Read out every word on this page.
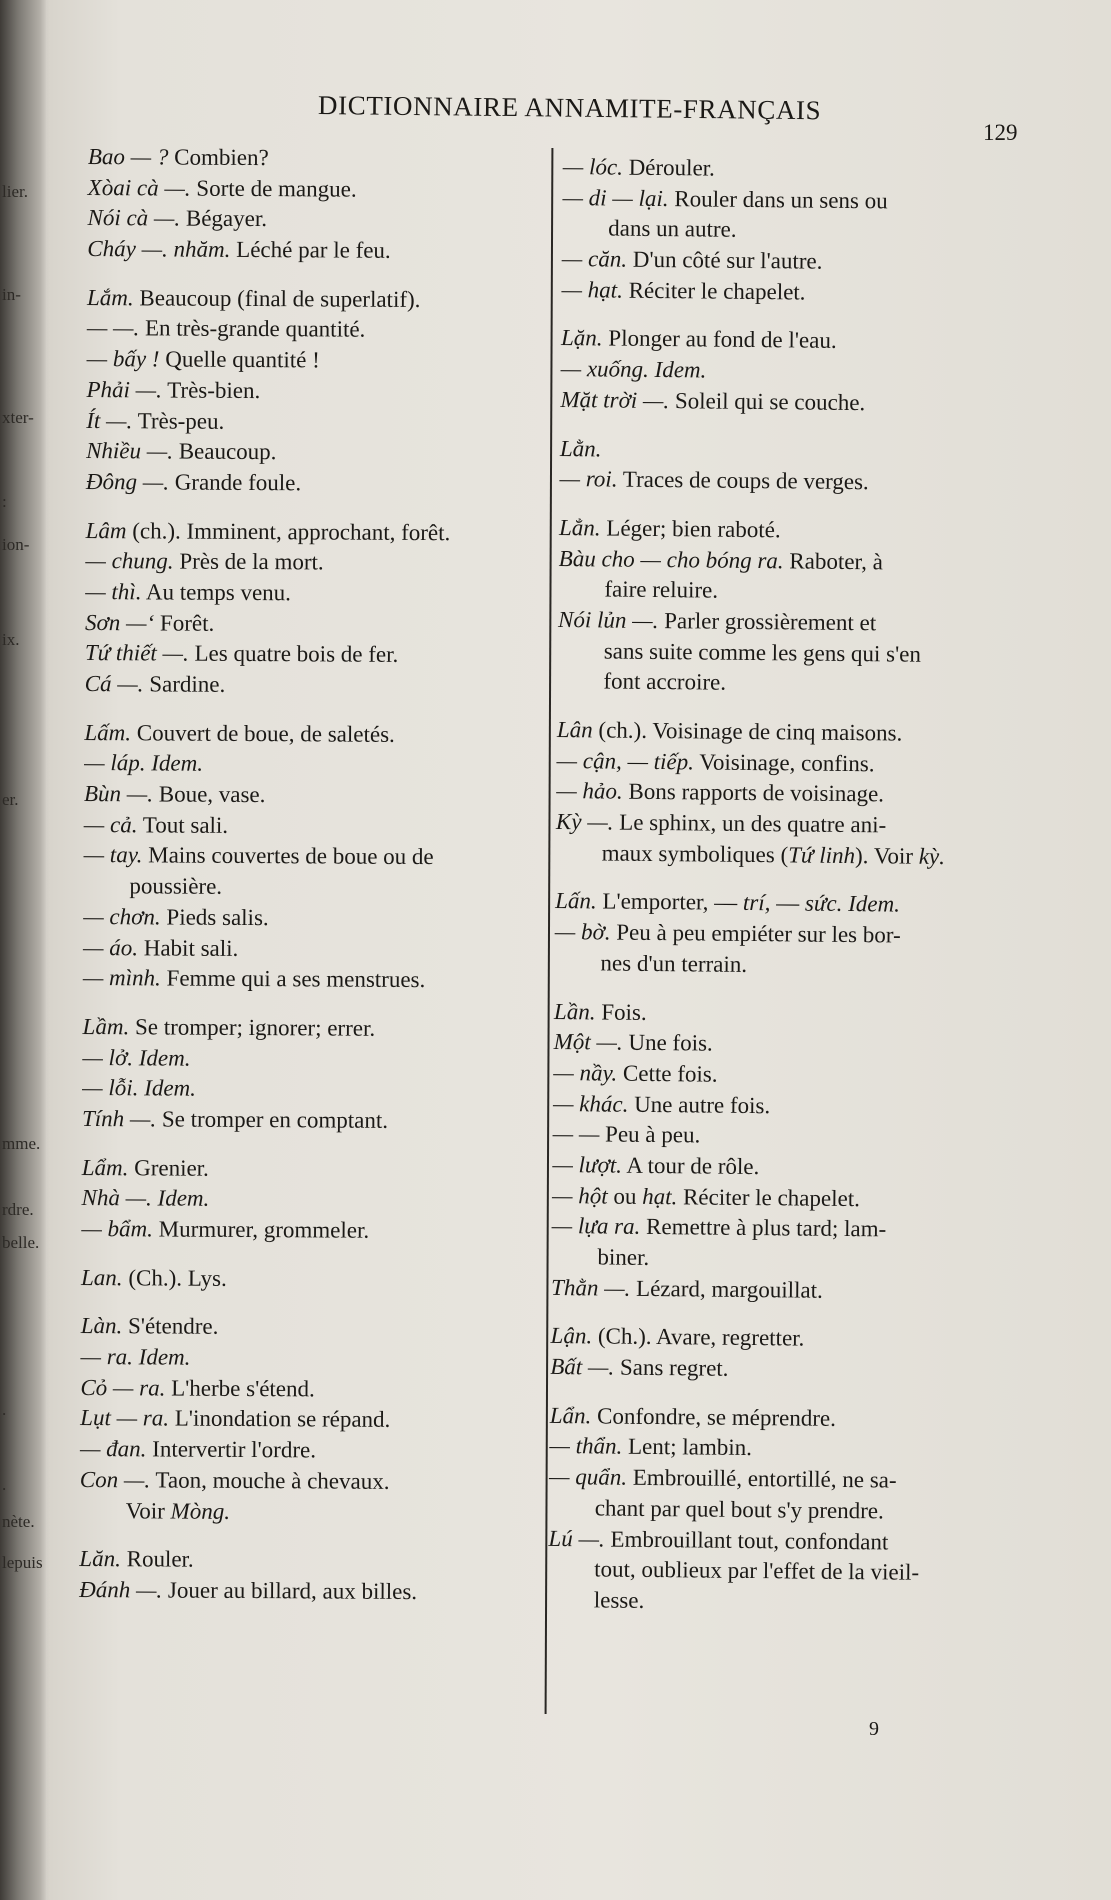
lier.
in-
xter-
:
ion-
ix.
er.
mme.
rdre.
belle.
.
.
nète.
lepuis
DICTIONNAIRE ANNAMITE-FRANÇAIS
129
Bao — ? Combien?
Xòai cà —. Sorte de mangue.
Nói cà —. Bégayer.
Cháy —. nhăm. Léché par le feu.
Lắm. Beaucoup (final de superlatif).
— —. En très-grande quantité.
— bấy ! Quelle quantité !
Phải —. Très-bien.
Ít —. Très-peu.
Nhiều —. Beaucoup.
Đông —. Grande foule.
Lâm (ch.). Imminent, approchant, forêt.
— chung. Près de la mort.
— thì. Au temps venu.
Sơn —‘ Forêt.
Tứ thiết —. Les quatre bois de fer.
Cá —. Sardine.
Lấm. Couvert de boue, de saletés.
— láp. Idem.
Bùn —. Boue, vase.
— cả. Tout sali.
— tay. Mains couvertes de boue ou de
  poussière.
— chơn. Pieds salis.
— áo. Habit sali.
— mình. Femme qui a ses menstrues.
Lầm. Se tromper; ignorer; errer.
— lở. Idem.
— lỗi. Idem.
Tính —. Se tromper en comptant.
Lẩm. Grenier.
Nhà —. Idem.
— bẩm. Murmurer, grommeler.
Lan. (Ch.). Lys.
Làn. S'étendre.
— ra. Idem.
Cỏ — ra. L'herbe s'étend.
Lụt — ra. L'inondation se répand.
— đan. Intervertir l'ordre.
Con —. Taon, mouche à chevaux.
  Voir Mòng.
Lăn. Rouler.
Đánh —. Jouer au billard, aux billes.
— lóc. Dérouler.
— di — lại. Rouler dans un sens ou
  dans un autre.
— căn. D'un côté sur l'autre.
— hạt. Réciter le chapelet.
Lặn. Plonger au fond de l'eau.
— xuống. Idem.
Mặt trời —. Soleil qui se couche.
Lằn.
— roi. Traces de coups de verges.
Lẳn. Léger; bien raboté.
Bàu cho — cho bóng ra. Raboter, à
  faire reluire.
Nói lủn —. Parler grossièrement et
  sans suite comme les gens qui s'en
  font accroire.
Lân (ch.). Voisinage de cinq maisons.
— cận, — tiếp. Voisinage, confins.
— hảo. Bons rapports de voisinage.
Kỳ —. Le sphinx, un des quatre ani-
  maux symboliques (Tứ linh). Voir kỳ.
Lấn. L'emporter, — trí, — sức. Idem.
— bờ. Peu à peu empiéter sur les bor-
  nes d'un terrain.
Lần. Fois.
Một —. Une fois.
— nầy. Cette fois.
— khác. Une autre fois.
— — Peu à peu.
— lượt. A tour de rôle.
— hột ou hạt. Réciter le chapelet.
— lựa ra. Remettre à plus tard; lam-
  biner.
Thằn —. Lézard, margouillat.
Lận. (Ch.). Avare, regretter.
Bất —. Sans regret.
Lẩn. Confondre, se méprendre.
— thẩn. Lent; lambin.
— quẩn. Embrouillé, entortillé, ne sa-
  chant par quel bout s'y prendre.
Lú —. Embrouillant tout, confondant
  tout, oublieux par l'effet de la vieil-
  lesse.
9
